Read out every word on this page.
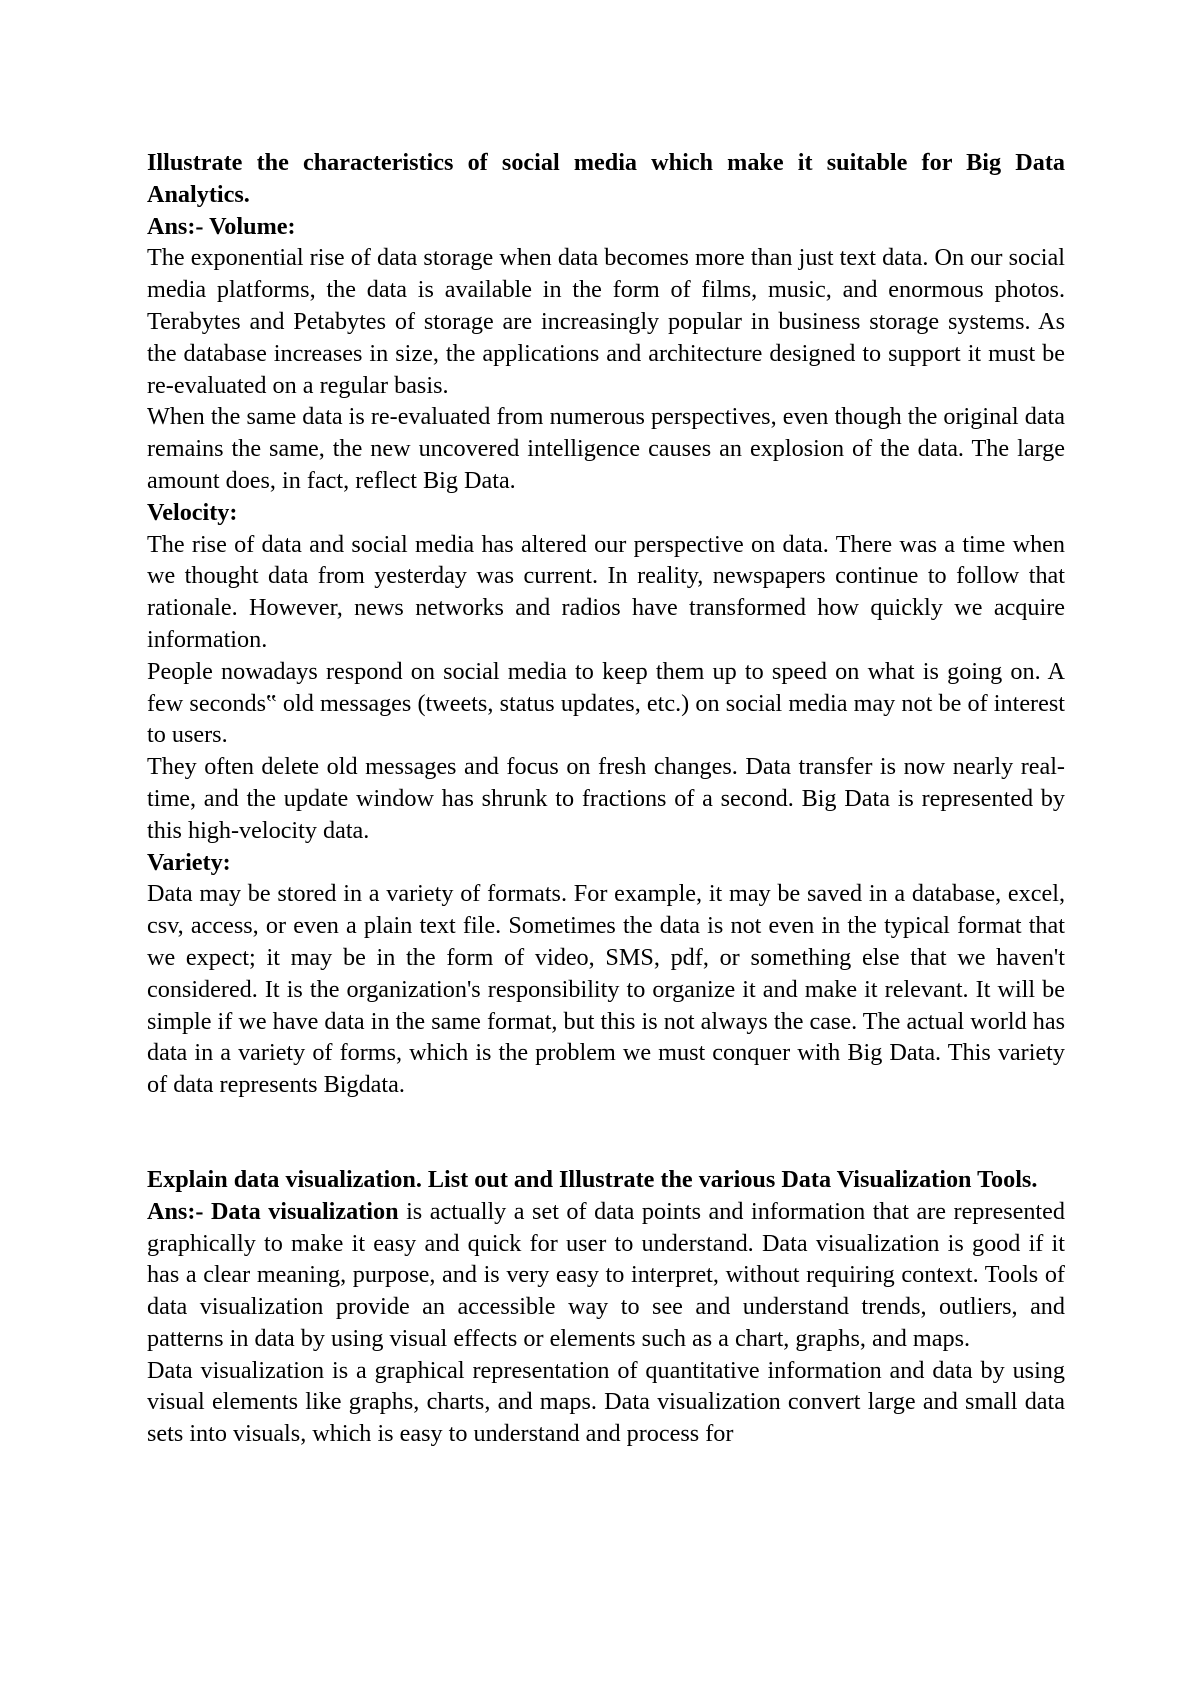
Illustrate the characteristics of social media which make it suitable for Big Data Analytics.

Ans:- Volume:

The exponential rise of data storage when data becomes more than just text data. On our social media platforms, the data is available in the form of films, music, and enormous photos. Terabytes and Petabytes of storage are increasingly popular in business storage systems. As the database increases in size, the applications and architecture designed to support it must be re-evaluated on a regular basis.

When the same data is re-evaluated from numerous perspectives, even though the original data remains the same, the new uncovered intelligence causes an explosion of the data. The large amount does, in fact, reflect Big Data.

Velocity:

The rise of data and social media has altered our perspective on data. There was a time when we thought data from yesterday was current. In reality, newspapers continue to follow that rationale. However, news networks and radios have transformed how quickly we acquire information.

People nowadays respond on social media to keep them up to speed on what is going on. A few seconds‟ old messages (tweets, status updates, etc.) on social media may not be of interest to users.

They often delete old messages and focus on fresh changes. Data transfer is now nearly real-time, and the update window has shrunk to fractions of a second. Big Data is represented by this high-velocity data.

Variety:

Data may be stored in a variety of formats. For example, it may be saved in a database, excel, csv, access, or even a plain text file. Sometimes the data is not even in the typical format that we expect; it may be in the form of video, SMS, pdf, or something else that we haven't considered. It is the organization's responsibility to organize it and make it relevant. It will be simple if we have data in the same format, but this is not always the case. The actual world has data in a variety of forms, which is the problem we must conquer with Big Data. This variety of data represents Bigdata.

Explain data visualization. List out and Illustrate the various Data Visualization Tools.

Ans:- Data visualization is actually a set of data points and information that are represented graphically to make it easy and quick for user to understand. Data visualization is good if it has a clear meaning, purpose, and is very easy to interpret, without requiring context. Tools of data visualization provide an accessible way to see and understand trends, outliers, and patterns in data by using visual effects or elements such as a chart, graphs, and maps.

Data visualization is a graphical representation of quantitative information and data by using visual elements like graphs, charts, and maps. Data visualization convert large and small data sets into visuals, which is easy to understand and process for
